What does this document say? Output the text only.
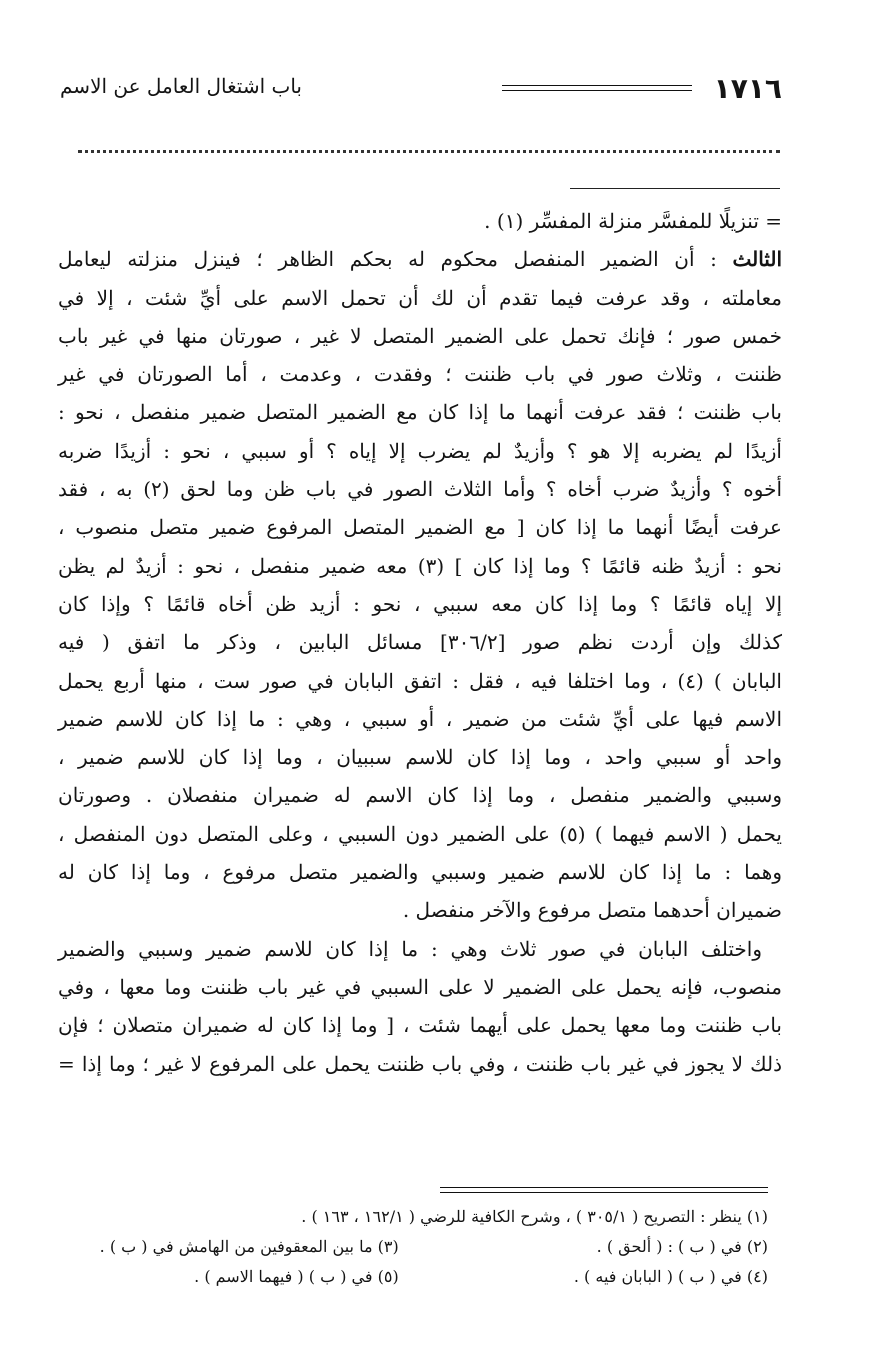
١٧١٦
باب اشتغال العامل عن الاسم

= تنزيلًا للمفسَّر منزلة المفسِّر (١) .

الثالث : أن الضمير المنفصل محكوم له بحكم الظاهر ؛ فينزل منزلته ليعامل

معاملته ، وقد عرفت فيما تقدم أن لك أن تحمل الاسم على أيِّ شئت ، إلا في

خمس صور ؛ فإنك تحمل على الضمير المتصل لا غير ، صورتان منها في غير باب

ظننت ، وثلاث صور في باب ظننت ؛ وفقدت ، وعدمت ، أما الصورتان في غير

باب ظننت ؛ فقد عرفت أنهما ما إذا كان مع الضمير المتصل ضمير منفصل ، نحو :

أزيدًا لم يضربه إلا هو ؟ وأزيدٌ لم يضرب إلا إياه ؟ أو سببي ، نحو : أزيدًا ضربه

أخوه ؟ وأزيدٌ ضرب أخاه ؟ وأما الثلاث الصور في باب ظن وما لحق (٢) به ، فقد

عرفت أيضًا أنهما ما إذا كان [ مع الضمير المتصل المرفوع ضمير متصل منصوب ،

نحو : أزيدٌ ظنه قائمًا ؟ وما إذا كان ] (٣) معه ضمير منفصل ، نحو : أزيدٌ لم يظن

إلا إياه قائمًا ؟ وما إذا كان معه سببي ، نحو : أزيد ظن أخاه قائمًا ؟ وإذا كان

كذلك وإن أردت نظم صور [٣٠٦/٢] مسائل البابين ، وذكر ما اتفق ( فيه

البابان ) (٤) ، وما اختلفا فيه ، فقل : اتفق البابان في صور ست ، منها أربع يحمل

الاسم فيها على أيِّ شئت من ضمير ، أو سببي ، وهي : ما إذا كان للاسم ضمير

واحد أو سببي واحد ، وما إذا كان للاسم سببيان ، وما إذا كان للاسم ضمير ،

وسببي والضمير منفصل ، وما إذا كان الاسم له ضميران منفصلان . وصورتان

يحمل ( الاسم فيهما ) (٥) على الضمير دون السببي ، وعلى المتصل دون المنفصل ،

وهما : ما إذا كان للاسم ضمير وسببي والضمير متصل مرفوع ، وما إذا كان له

ضميران أحدهما متصل مرفوع والآخر منفصل .

واختلف البابان في صور ثلاث وهي : ما إذا كان للاسم ضمير وسببي والضمير

منصوب، فإنه يحمل على الضمير لا على السببي في غير باب ظننت وما معها ، وفي

باب ظننت وما معها يحمل على أيهما شئت ، [ وما إذا كان له ضميران متصلان ؛ فإن

ذلك لا يجوز في غير باب ظننت ، وفي باب ظننت يحمل على المرفوع لا غير ؛ وما إذا =

(١) ينظر : التصريح ( ٣٠٥/١ ) ، وشرح الكافية للرضي ( ١٦٢/١ ، ١٦٣ ) .
(٢) في ( ب ) : ( ألحق ) .
(٣) ما بين المعقوفين من الهامش في ( ب ) .
(٤) في ( ب ) ( البابان فيه ) .
(٥) في ( ب ) ( فيهما الاسم ) .
